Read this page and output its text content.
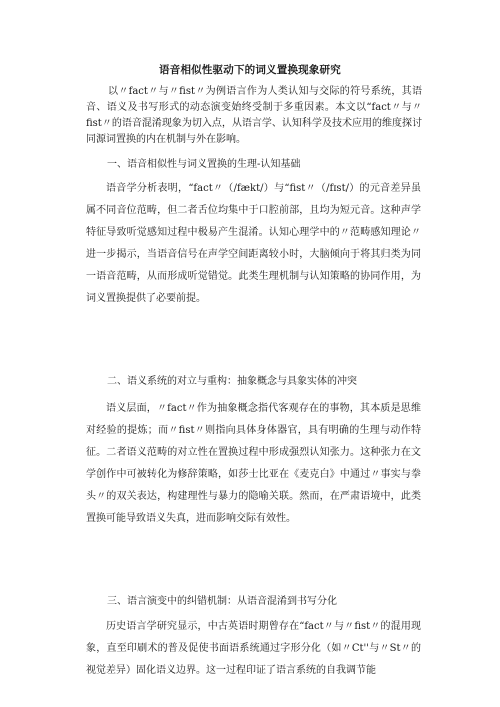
语音相似性驱动下的词义置换现象研究

以〃fact〃与〃fist〃为例语言作为人类认知与交际的符号系统，其语音、语义及书写形式的动态演变始终受制于多重因素。本文以“fact〃与〃fist〃的语音混淆现象为切入点，从语言学、认知科学及技术应用的维度探讨同源词置换的内在机制与外在影响。

一、语音相似性与词义置换的生理-认知基础

语音学分析表明，“fact〃（/fækt/）与“fist〃（/fɪst/）的元音差异虽属不同音位范畴，但二者舌位均集中于口腔前部，且均为短元音。这种声学特征导致听觉感知过程中极易产生混淆。认知心理学中的〃范畴感知理论〃进一步揭示，当语音信号在声学空间距离较小时，大脑倾向于将其归类为同一语音范畴，从而形成听觉错觉。此类生理机制与认知策略的协同作用，为词义置换提供了必要前提。

二、语义系统的对立与重构：抽象概念与具象实体的冲突

语义层面，〃fact〃作为抽象概念指代客观存在的事物，其本质是思维对经验的提炼；而〃fist〃则指向具体身体器官，具有明确的生理与动作特征。二者语义范畴的对立性在置换过程中形成强烈认知张力。这种张力在文学创作中可被转化为修辞策略，如莎士比亚在《麦克白》中通过〃事实与拳头〃的双关表达，构建理性与暴力的隐喻关联。然而，在严肃语境中，此类置换可能导致语义失真，进而影响交际有效性。

三、语言演变中的纠错机制：从语音混淆到书写分化

历史语言学研究显示，中古英语时期曾存在“fact〃与〃fist〃的混用现象，直至印刷术的普及促使书面语系统通过字形分化（如〃Ct''与〃St〃的视觉差异）固化语义边界。这一过程印证了语言系统的自我调节能
